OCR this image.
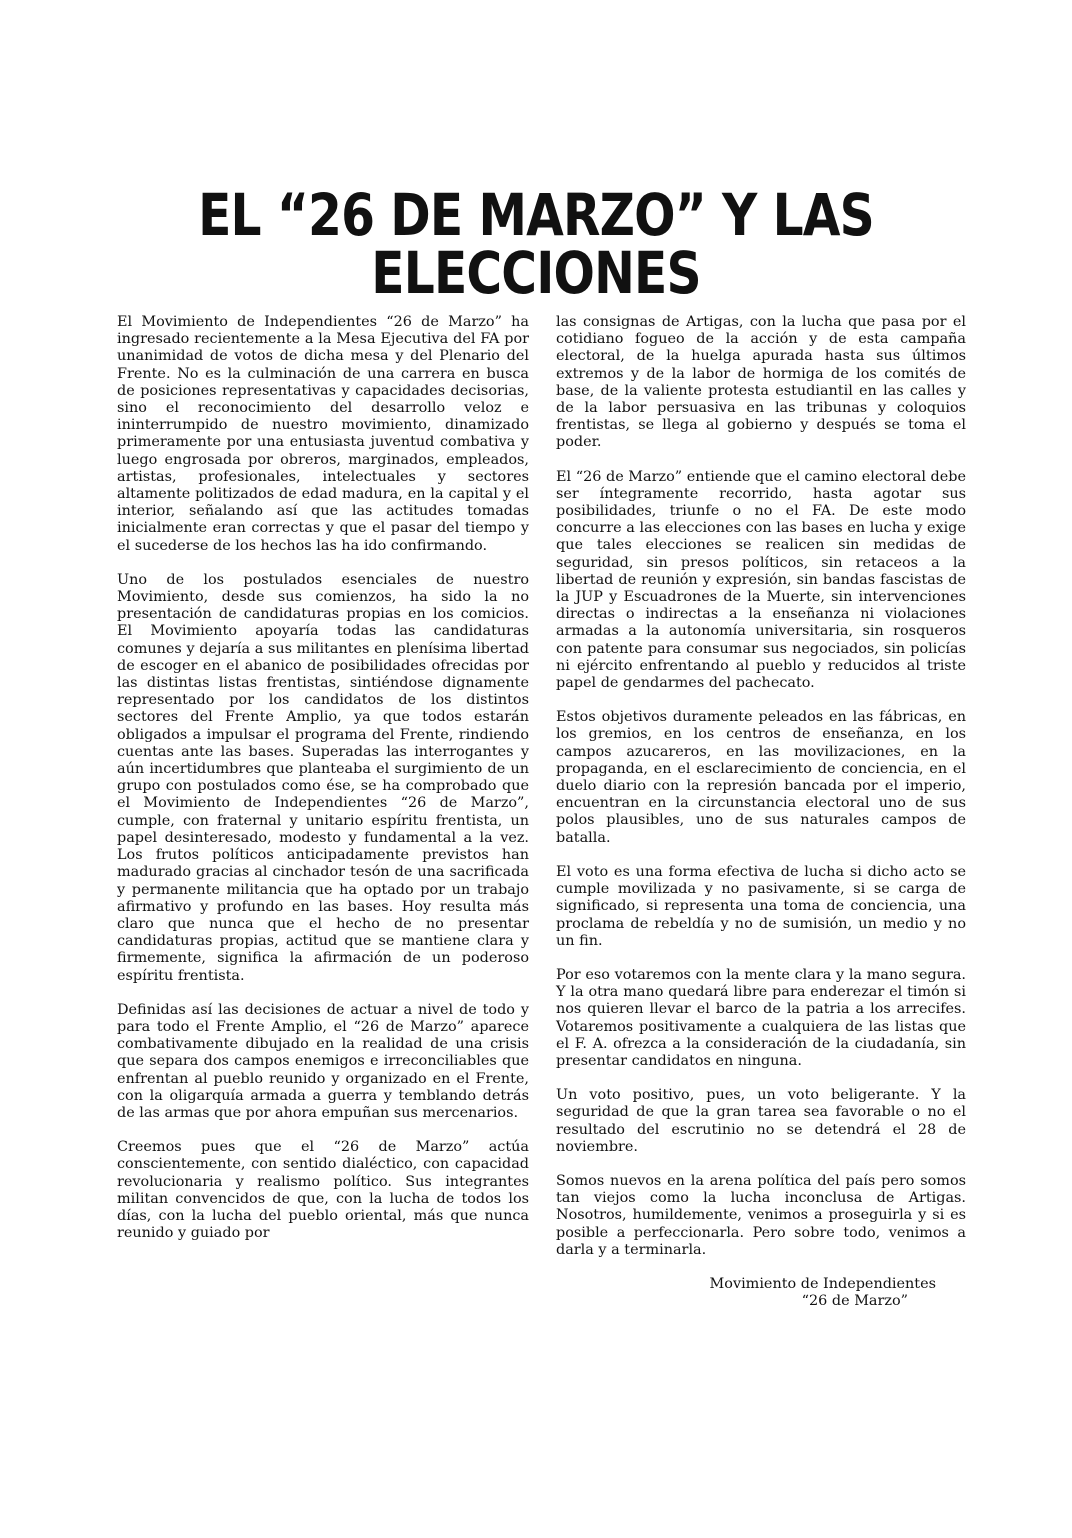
EL “26 DE MARZO” Y LAS ELECCIONES

El Movimiento de Independientes “26 de Marzo” ha ingresado recientemente a la Mesa Ejecutiva del FA por unanimidad de votos de dicha mesa y del Plenario del Frente. No es la culminación de una carrera en busca de posiciones representativas y capacidades decisorias, sino el reconocimiento del desarrollo veloz e ininterrumpido de nuestro movimiento, dinamizado primeramente por una entusiasta juventud combativa y luego engrosada por obreros, marginados, empleados, artistas, profesionales, intelectuales y sectores altamente politizados de edad madura, en la capital y el interior, señalando así que las actitudes tomadas inicialmente eran correctas y que el pasar del tiempo y el sucederse de los hechos las ha ido confirmando.

Uno de los postulados esenciales de nuestro Movimiento, desde sus comienzos, ha sido la no presentación de candidaturas propias en los comicios. El Movimiento apoyaría todas las candidaturas comunes y dejaría a sus militantes en plenísima libertad de escoger en el abanico de posibilidades ofrecidas por las distintas listas frentistas, sintiéndose dignamente representado por los candidatos de los distintos sectores del Frente Amplio, ya que todos estarán obligados a impulsar el programa del Frente, rindiendo cuentas ante las bases. Superadas las interrogantes y aún incertidumbres que planteaba el surgimiento de un grupo con postulados como ése, se ha comprobado que el Movimiento de Independientes “26 de Marzo”, cumple, con fraternal y unitario espíritu frentista, un papel desinteresado, modesto y fundamental a la vez. Los frutos políticos anticipadamente previstos han madurado gracias al cinchador tesón de una sacrificada y permanente militancia que ha optado por un trabajo afirmativo y profundo en las bases. Hoy resulta más claro que nunca que el hecho de no presentar candidaturas propias, actitud que se mantiene clara y firmemente, significa la afirmación de un poderoso espíritu frentista.

Definidas así las decisiones de actuar a nivel de todo y para todo el Frente Amplio, el “26 de Marzo” aparece combativamente dibujado en la realidad de una crisis que separa dos campos enemigos e irreconciliables que enfrentan al pueblo reunido y organizado en el Frente, con la oligarquía armada a guerra y temblando detrás de las armas que por ahora empuñan sus mercenarios.

Creemos pues que el “26 de Marzo” actúa conscientemente, con sentido dialéctico, con capacidad revolucionaria y realismo político. Sus integrantes militan convencidos de que, con la lucha de todos los días, con la lucha del pueblo oriental, más que nunca reunido y guiado por

las consignas de Artigas, con la lucha que pasa por el cotidiano fogueo de la acción y de esta campaña electoral, de la huelga apurada hasta sus últimos extremos y de la labor de hormiga de los comités de base, de la valiente protesta estudiantil en las calles y de la labor persuasiva en las tribunas y coloquios frentistas, se llega al gobierno y después se toma el poder.

El “26 de Marzo” entiende que el camino electoral debe ser íntegramente recorrido, hasta agotar sus posibilidades, triunfe o no el FA. De este modo concurre a las elecciones con las bases en lucha y exige que tales elecciones se realicen sin medidas de seguridad, sin presos políticos, sin retaceos a la libertad de reunión y expresión, sin bandas fascistas de la JUP y Escuadrones de la Muerte, sin intervenciones directas o indirectas a la enseñanza ni violaciones armadas a la autonomía universitaria, sin rosqueros con patente para consumar sus negociados, sin policías ni ejército enfrentando al pueblo y reducidos al triste papel de gendarmes del pachecato.

Estos objetivos duramente peleados en las fábricas, en los gremios, en los centros de enseñanza, en los campos azucareros, en las movilizaciones, en la propaganda, en el esclarecimiento de conciencia, en el duelo diario con la represión bancada por el imperio, encuentran en la circunstancia electoral uno de sus polos plausibles, uno de sus naturales campos de batalla.

El voto es una forma efectiva de lucha si dicho acto se cumple movilizada y no pasivamente, si se carga de significado, si representa una toma de conciencia, una proclama de rebeldía y no de sumisión, un medio y no un fin.

Por eso votaremos con la mente clara y la mano segura. Y la otra mano quedará libre para enderezar el timón si nos quieren llevar el barco de la patria a los arrecifes. Votaremos positivamente a cualquiera de las listas que el F. A. ofrezca a la consideración de la ciudadanía, sin presentar candidatos en ninguna.

Un voto positivo, pues, un voto beligerante. Y la seguridad de que la gran tarea sea favorable o no el resultado del escrutinio no se detendrá el 28 de noviembre.

Somos nuevos en la arena política del país pero somos tan viejos como la lucha inconclusa de Artigas. Nosotros, humildemente, venimos a proseguirla y si es posible a perfeccionarla. Pero sobre todo, venimos a darla y a terminarla.

Movimiento de Independientes
“26 de Marzo”
